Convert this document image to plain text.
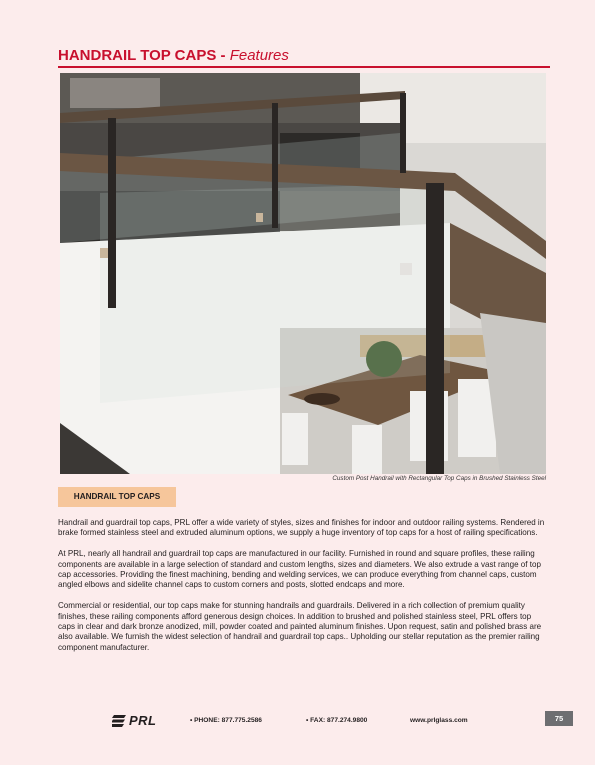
HANDRAIL TOP CAPS - Features
Custom Post Handrail with Rectangular Top Caps in Brushed Stainless Steel
HANDRAIL TOP CAPS

Handrail and guardrail top caps, PRL offer a wide variety of styles, sizes and finishes for indoor and outdoor railing systems. Rendered in brake formed stainless steel and extruded aluminum options, we supply a huge inventory of top caps for a host of railing specifications.

At PRL, nearly all handrail and guardrail top caps are manufactured in our facility. Furnished in round and square profiles, these railing components are available in a large selection of standard and custom lengths, sizes and diameters. We also extrude a vast range of top cap accessories. Providing the finest machining, bending and welding services, we can produce everything from channel caps, custom angled elbows and sidelite channel caps to custom corners and posts, slotted endcaps and more.

Commercial or residential, our top caps make for stunning handrails and guardrails. Delivered in a rich collection of premium quality finishes, these railing components afford generous design choices. In addition to brushed and polished stainless steel, PRL offers top caps in clear and dark bronze anodized, mill, powder coated and painted aluminum finishes. Upon request, satin and polished brass are also available. We furnish the widest selection of handrail and guardrail top caps.. Upholding our stellar reputation as the premier railing component manufacturer.

PRL	• PHONE: 877.775.2586	• FAX: 877.274.9800	www.prlglass.com	75
